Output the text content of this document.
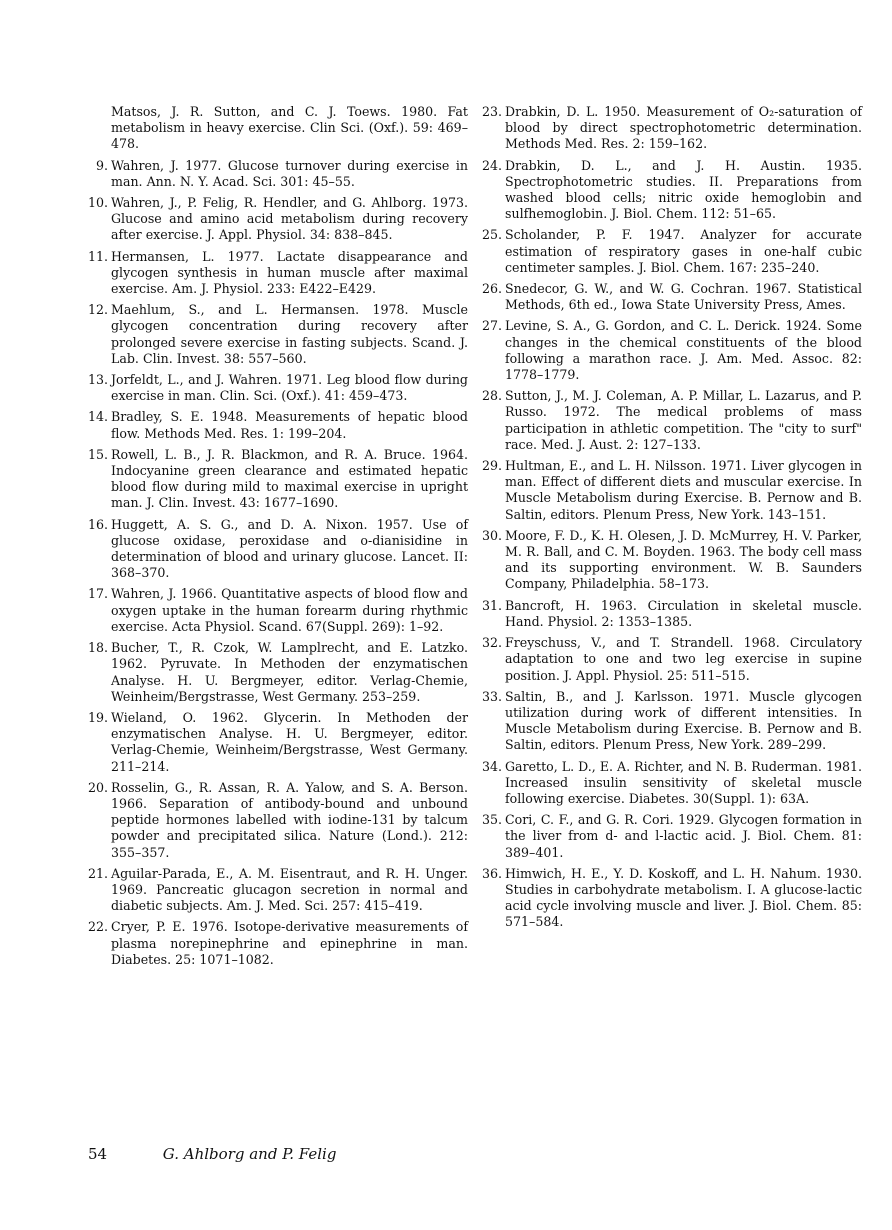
Matsos, J. R. Sutton, and C. J. Toews. 1980. Fat metabolism in heavy exercise. Clin Sci. (Oxf.). 59: 469–478.
9. Wahren, J. 1977. Glucose turnover during exercise in man. Ann. N. Y. Acad. Sci. 301: 45–55.
10. Wahren, J., P. Felig, R. Hendler, and G. Ahlborg. 1973. Glucose and amino acid metabolism during recovery after exercise. J. Appl. Physiol. 34: 838–845.
11. Hermansen, L. 1977. Lactate disappearance and glycogen synthesis in human muscle after maximal exercise. Am. J. Physiol. 233: E422–E429.
12. Maehlum, S., and L. Hermansen. 1978. Muscle glycogen concentration during recovery after prolonged severe exercise in fasting subjects. Scand. J. Lab. Clin. Invest. 38: 557–560.
13. Jorfeldt, L., and J. Wahren. 1971. Leg blood flow during exercise in man. Clin. Sci. (Oxf.). 41: 459–473.
14. Bradley, S. E. 1948. Measurements of hepatic blood flow. Methods Med. Res. 1: 199–204.
15. Rowell, L. B., J. R. Blackmon, and R. A. Bruce. 1964. Indocyanine green clearance and estimated hepatic blood flow during mild to maximal exercise in upright man. J. Clin. Invest. 43: 1677–1690.
16. Huggett, A. S. G., and D. A. Nixon. 1957. Use of glucose oxidase, peroxidase and o-dianisidine in determination of blood and urinary glucose. Lancet. II: 368–370.
17. Wahren, J. 1966. Quantitative aspects of blood flow and oxygen uptake in the human forearm during rhythmic exercise. Acta Physiol. Scand. 67(Suppl. 269): 1–92.
18. Bucher, T., R. Czok, W. Lamplrecht, and E. Latzko. 1962. Pyruvate. In Methoden der enzymatischen Analyse. H. U. Bergmeyer, editor. Verlag-Chemie, Weinheim/Bergstrasse, West Germany. 253–259.
19. Wieland, O. 1962. Glycerin. In Methoden der enzymatischen Analyse. H. U. Bergmeyer, editor. Verlag-Chemie, Weinheim/Bergstrasse, West Germany. 211–214.
20. Rosselin, G., R. Assan, R. A. Yalow, and S. A. Berson. 1966. Separation of antibody-bound and unbound peptide hormones labelled with iodine-131 by talcum powder and precipitated silica. Nature (Lond.). 212: 355–357.
21. Aguilar-Parada, E., A. M. Eisentraut, and R. H. Unger. 1969. Pancreatic glucagon secretion in normal and diabetic subjects. Am. J. Med. Sci. 257: 415–419.
22. Cryer, P. E. 1976. Isotope-derivative measurements of plasma norepinephrine and epinephrine in man. Diabetes. 25: 1071–1082.
23. Drabkin, D. L. 1950. Measurement of O₂-saturation of blood by direct spectrophotometric determination. Methods Med. Res. 2: 159–162.
24. Drabkin, D. L., and J. H. Austin. 1935. Spectrophotometric studies. II. Preparations from washed blood cells; nitric oxide hemoglobin and sulfhemoglobin. J. Biol. Chem. 112: 51–65.
25. Scholander, P. F. 1947. Analyzer for accurate estimation of respiratory gases in one-half cubic centimeter samples. J. Biol. Chem. 167: 235–240.
26. Snedecor, G. W., and W. G. Cochran. 1967. Statistical Methods, 6th ed., Iowa State University Press, Ames.
27. Levine, S. A., G. Gordon, and C. L. Derick. 1924. Some changes in the chemical constituents of the blood following a marathon race. J. Am. Med. Assoc. 82: 1778–1779.
28. Sutton, J., M. J. Coleman, A. P. Millar, L. Lazarus, and P. Russo. 1972. The medical problems of mass participation in athletic competition. The "city to surf" race. Med. J. Aust. 2: 127–133.
29. Hultman, E., and L. H. Nilsson. 1971. Liver glycogen in man. Effect of different diets and muscular exercise. In Muscle Metabolism during Exercise. B. Pernow and B. Saltin, editors. Plenum Press, New York. 143–151.
30. Moore, F. D., K. H. Olesen, J. D. McMurrey, H. V. Parker, M. R. Ball, and C. M. Boyden. 1963. The body cell mass and its supporting environment. W. B. Saunders Company, Philadelphia. 58–173.
31. Bancroft, H. 1963. Circulation in skeletal muscle. Hand. Physiol. 2: 1353–1385.
32. Freyschuss, V., and T. Strandell. 1968. Circulatory adaptation to one and two leg exercise in supine position. J. Appl. Physiol. 25: 511–515.
33. Saltin, B., and J. Karlsson. 1971. Muscle glycogen utilization during work of different intensities. In Muscle Metabolism during Exercise. B. Pernow and B. Saltin, editors. Plenum Press, New York. 289–299.
34. Garetto, L. D., E. A. Richter, and N. B. Ruderman. 1981. Increased insulin sensitivity of skeletal muscle following exercise. Diabetes. 30(Suppl. 1): 63A.
35. Cori, C. F., and G. R. Cori. 1929. Glycogen formation in the liver from d- and l-lactic acid. J. Biol. Chem. 81: 389–401.
36. Himwich, H. E., Y. D. Koskoff, and L. H. Nahum. 1930. Studies in carbohydrate metabolism. I. A glucose-lactic acid cycle involving muscle and liver. J. Biol. Chem. 85: 571–584.
54	G. Ahlborg and P. Felig
